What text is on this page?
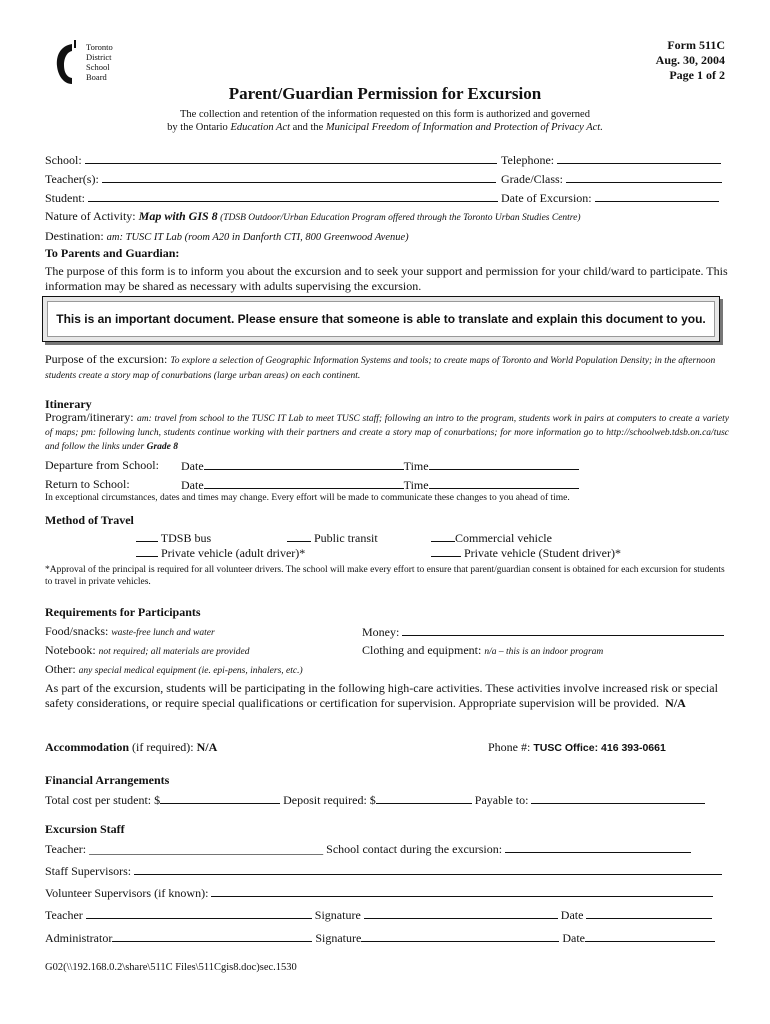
Toronto
District
School
Board
Form 511C
Aug. 30, 2004
Page 1 of 2
Parent/Guardian Permission for Excursion
The collection and retention of the information requested on this form is authorized and governed
by the Ontario Education Act and the Municipal Freedom of Information and Protection of Privacy Act.
School:	Telephone:
Teacher(s):	Grade/Class:
Student:	Date of Excursion:
Nature of Activity: Map with GIS 8 (TDSB Outdoor/Urban Education Program offered through the Toronto Urban Studies Centre)
Destination: am: TUSC IT Lab (room A20 in Danforth CTI, 800 Greenwood Avenue)
To Parents and Guardian:
The purpose of this form is to inform you about the excursion and to seek your support and permission for your child/ward to participate. This information may be shared as necessary with adults supervising the excursion.
This is an important document. Please ensure that someone is able to translate and explain this document to you.
Purpose of the excursion: To explore a selection of Geographic Information Systems and tools; to create maps of Toronto and World Population Density; in the afternoon students create a story map of conurbations (large urban areas) on each continent.
Itinerary
Program/itinerary: am: travel from school to the TUSC IT Lab to meet TUSC staff; following an intro to the program, students work in pairs at computers to create a variety of maps; pm: following lunch, students continue working with their partners and create a story map of conurbations; for more information go to http://schoolweb.tdsb.on.ca/tusc and follow the links under Grade 8
Departure from School: Date	Time
Return to School:	Date	Time
In exceptional circumstances, dates and times may change. Every effort will be made to communicate these changes to you ahead of time.
Method of Travel
TDSB bus	Public transit	Commercial vehicle
Private vehicle (adult driver)*	Private vehicle (Student driver)*
*Approval of the principal is required for all volunteer drivers. The school will make every effort to ensure that parent/guardian consent is obtained for each excursion for students to travel in private vehicles.
Requirements for Participants
Food/snacks: waste-free lunch and water	Money:
Notebook: not required; all materials are provided	Clothing and equipment: n/a – this is an indoor program
Other: any special medical equipment (ie. epi-pens, inhalers, etc.)
As part of the excursion, students will be participating in the following high-care activities. These activities involve increased risk or special safety considerations, or require special qualifications or certification for supervision. Appropriate supervision will be provided. N/A
Accommodation (if required): N/A	Phone #: TUSC Office: 416 393-0661
Financial Arrangements
Total cost per student: $	Deposit required: $	Payable to:
Excursion Staff
Teacher: _______________________________________ School contact during the excursion:
Staff Supervisors:
Volunteer Supervisors (if known):
Teacher	Signature	Date
Administrator	Signature	Date
G02(\\192.168.0.2\share\511C Files\511Cgis8.doc)sec.1530
